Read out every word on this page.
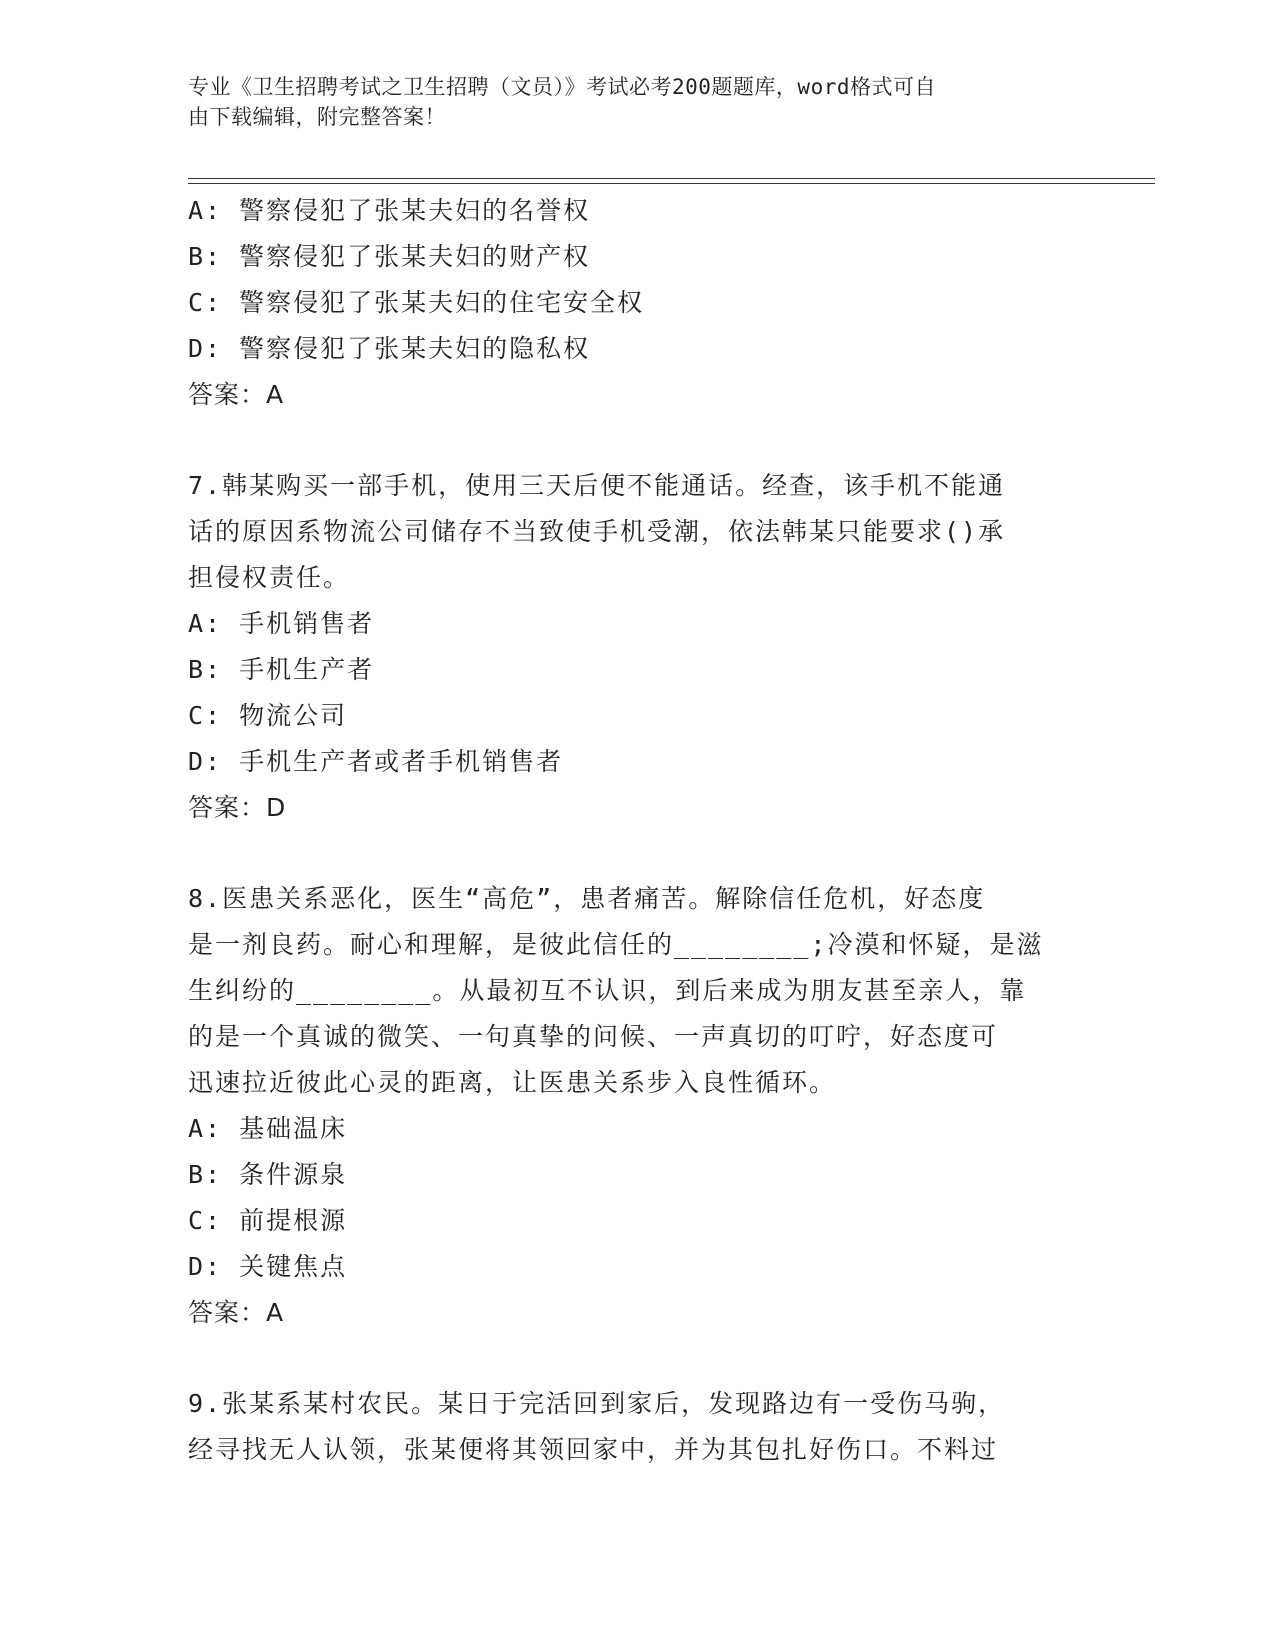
专业《卫生招聘考试之卫生招聘（文员）》考试必考200题题库，word格式可自
由下载编辑，附完整答案！
A: 警察侵犯了张某夫妇的名誉权
B: 警察侵犯了张某夫妇的财产权
C: 警察侵犯了张某夫妇的住宅安全权
D: 警察侵犯了张某夫妇的隐私权
答案：A
7.韩某购买一部手机，使用三天后便不能通话。经查，该手机不能通
话的原因系物流公司储存不当致使手机受潮，依法韩某只能要求()承
担侵权责任。
A: 手机销售者
B: 手机生产者
C: 物流公司
D: 手机生产者或者手机销售者
答案：D
8.医患关系恶化，医生“高危”，患者痛苦。解除信任危机，好态度
是一剂良药。耐心和理解，是彼此信任的________;冷漠和怀疑，是滋
生纠纷的________。从最初互不认识，到后来成为朋友甚至亲人，靠
的是一个真诚的微笑、一句真挚的问候、一声真切的叮咛，好态度可
迅速拉近彼此心灵的距离，让医患关系步入良性循环。
A: 基础温床
B: 条件源泉
C: 前提根源
D: 关键焦点
答案：A
9.张某系某村农民。某日于完活回到家后，发现路边有一受伤马驹，
经寻找无人认领，张某便将其领回家中，并为其包扎好伤口。不料过
